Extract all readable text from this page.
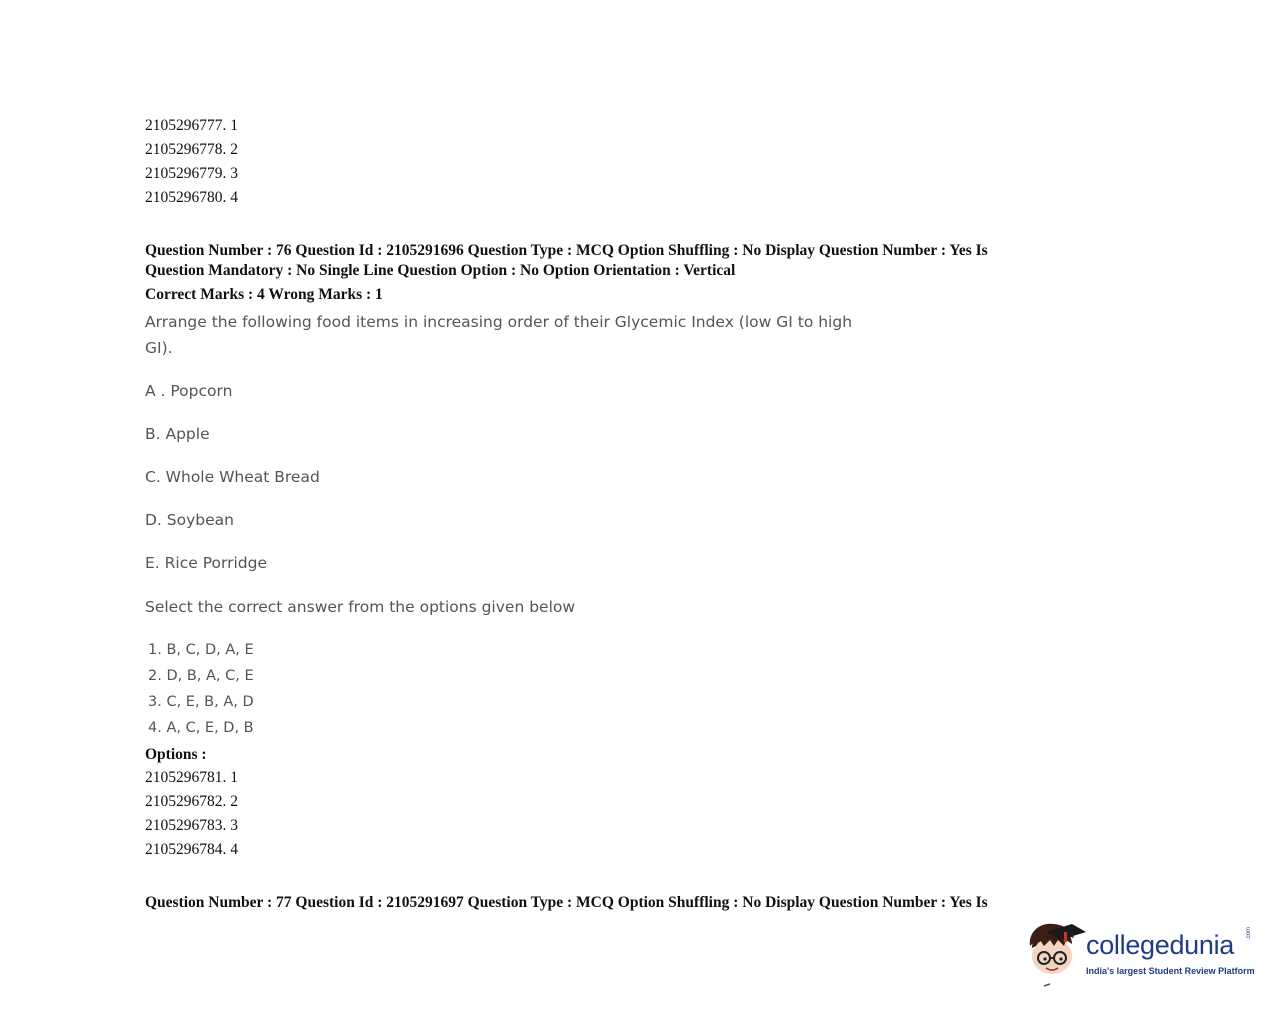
2105296777. 1
2105296778. 2
2105296779. 3
2105296780. 4
Question Number : 76 Question Id : 2105291696 Question Type : MCQ Option Shuffling : No Display Question Number : Yes Is
Question Mandatory : No Single Line Question Option : No Option Orientation : Vertical
Correct Marks : 4 Wrong Marks : 1
Arrange the following food items in increasing order of their Glycemic Index (low GI to high
GI).
A . Popcorn
B. Apple
C. Whole Wheat Bread
D. Soybean
E. Rice Porridge
Select the correct answer from the options given below
1. B, C, D, A, E
2. D, B, A, C, E
3. C, E, B, A, D
4. A, C, E, D, B
Options :
2105296781. 1
2105296782. 2
2105296783. 3
2105296784. 4
Question Number : 77 Question Id : 2105291697 Question Type : MCQ Option Shuffling : No Display Question Number : Yes Is
collegedunia .com
India's largest Student Review Platform
